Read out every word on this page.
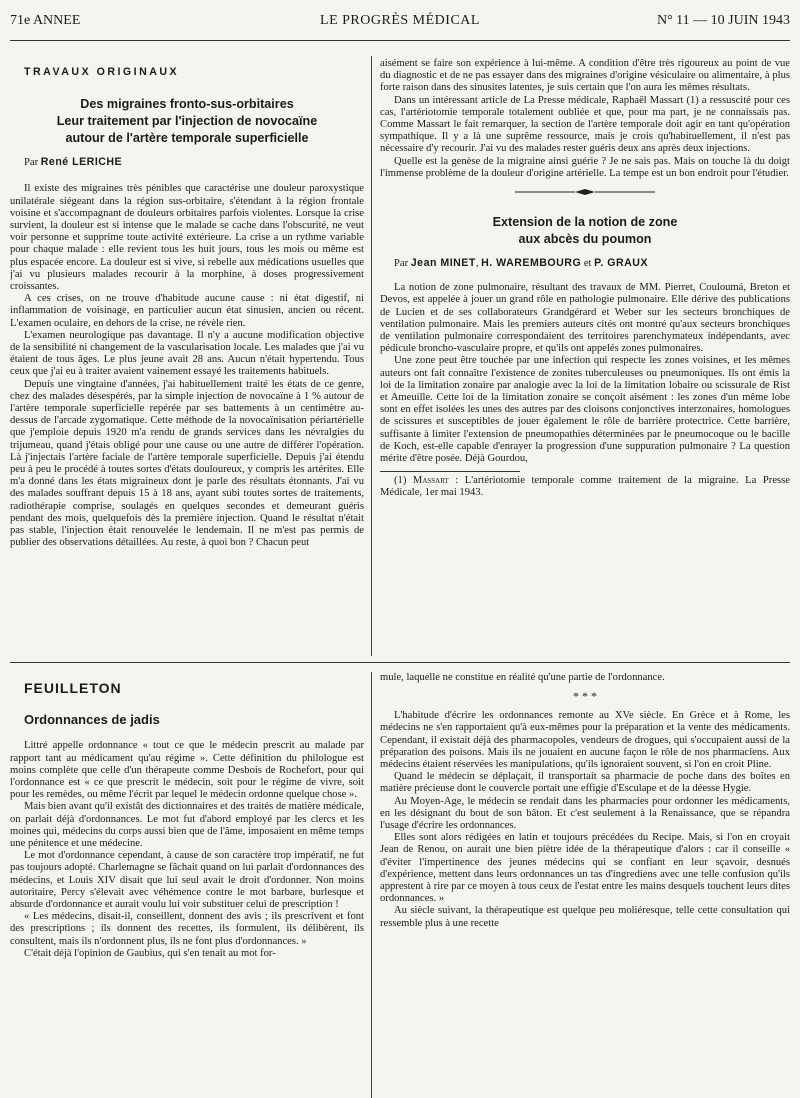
71e ANNEE	LE PROGRÈS MÉDICAL	N° 11 — 10 JUIN 1943

TRAVAUX ORIGINAUX

Des migraines fronto-sus-orbitaires
Leur traitement par l'injection de novocaïne
autour de l'artère temporale superficielle

Par René LERICHE

Il existe des migraines très pénibles que caractérise une douleur paroxystique unilatérale siégeant dans la région sus-orbitaire, s'étendant à la région frontale voisine et s'accompagnant de douleurs orbitaires parfois violentes. Lorsque la crise survient, la douleur est si intense que le malade se cache dans l'obscurité, ne veut voir personne et supprime toute activité extérieure. La crise a un rythme variable pour chaque malade : elle revient tous les huit jours, tous les mois ou même est plus espacée encore. La douleur est si vive, si rebelle aux médications usuelles que j'ai vu plusieurs malades recourir à la morphine, à doses progressivement croissantes.

A ces crises, on ne trouve d'habitude aucune cause : ni état digestif, ni inflammation de voisinage, en particulier aucun état sinusien, ancien ou récent. L'examen oculaire, en dehors de la crise, ne révèle rien.

L'examen neurologique pas davantage. Il n'y a aucune modification objective de la sensibilité ni changement de la vascularisation locale. Les malades que j'ai vu étaient de tous âges. Le plus jeune avait 28 ans. Aucun n'était hypertendu. Tous ceux que j'ai eu à traiter avaient vainement essayé les traitements habituels.

Depuis une vingtaine d'années, j'ai habituellement traité les états de ce genre, chez des malades désespérés, par la simple injection de novocaïne à 1 % autour de l'artère temporale superficielle repérée par ses battements à un centimètre au-dessus de l'arcade zygomatique. Cette méthode de la novocaïnisation périartérielle que j'emploie depuis 1920 m'a rendu de grands services dans les névralgies du trijumeau, quand j'étais obligé pour une cause ou une autre de différer l'opération. Là j'injectais l'artère faciale de l'artère temporale superficielle. Depuis j'ai étendu peu à peu le procédé à toutes sortes d'états douloureux, y compris les artérites. Elle m'a donné dans les états migraineux dont je parle des résultats étonnants. J'ai vu des malades souffrant depuis 15 à 18 ans, ayant subi toutes sortes de traitements, radiothérapie comprise, soulagés en quelques secondes et demeurant guéris pendant des mois, quelquefois dès la première injection. Quand le résultat n'était pas stable, l'injection était renouvelée le lendemain. Il ne m'est pas permis de publier des observations détaillées. Au reste, à quoi bon ? Chacun peut

aisément se faire son expérience à lui-même. A condition d'être très rigoureux au point de vue du diagnostic et de ne pas essayer dans des migraines d'origine vésiculaire ou alimentaire, à plus forte raison dans des sinusites latentes, je suis certain que l'on aura les mêmes résultats.

Dans un intéressant article de La Presse médicale, Raphaël Massart (1) a ressuscité pour ces cas, l'artériotomie temporale totalement oubliée et que, pour ma part, je ne connaissais pas. Comme Massart le fait remarquer, la section de l'artère temporale doit agir en tant qu'opération sympathique. Il y a là une suprême ressource, mais je crois qu'habituellement, il n'est pas nécessaire d'y recourir. J'ai vu des malades rester guéris deux ans après deux injections.

Quelle est la genèse de la migraine ainsi guérie ? Je ne sais pas. Mais on touche là du doigt l'immense problème de la douleur d'origine artérielle. La tempe est un bon endroit pour l'étudier.

Extension de la notion de zone
aux abcès du poumon

Par Jean MINET, H. WAREMBOURG et P. GRAUX

La notion de zone pulmonaire, résultant des travaux de MM. Pierret, Couloumá, Breton et Devos, est appelée à jouer un grand rôle en pathologie pulmonaire. Elle dérive des publications de Lucien et de ses collaborateurs Grandgérard et Weber sur les secteurs bronchiques de ventilation pulmonaire. Mais les premiers auteurs cités ont montré qu'aux secteurs bronchiques de ventilation pulmonaire correspondaient des territoires parenchymateux indépendants, avec pédicule broncho-vasculaire propre, et qu'ils ont appelés zones pulmonaires.

Une zone peut être touchée par une infection qui respecte les zones voisines, et les mêmes auteurs ont fait connaître l'existence de zonites tuberculeuses ou pneumoniques. Ils ont émis la loi de la limitation zonaire par analogie avec la loi de la limitation lobaire ou scissurale de Rist et Ameuille. Cette loi de la limitation zonaire se conçoit aisément : les zones d'un même lobe sont en effet isolées les unes des autres par des cloisons conjonctives interzonaires, homologues de scissures et susceptibles de jouer également le rôle de barrière protectrice. Cette barrière, suffisante à limiter l'extension de pneumopathies déterminées par le pneumocoque ou le bacille de Koch, est-elle capable d'enrayer la progression d'une suppuration pulmonaire ? La question mérite d'être posée. Déjà Gourdou,

(1) Massart : L'artériotomie temporale comme traitement de la migraine. La Presse Médicale, 1er mai 1943.

FEUILLETON

Ordonnances de jadis

Littré appelle ordonnance « tout ce que le médecin prescrit au malade par rapport tant au médicament qu'au régime ». Cette définition du philologue est moins complète que celle d'un thérapeute comme Desbois de Rochefort, pour qui l'ordonnance est « ce que prescrit le médecin, soit pour le régime de vivre, soit pour les remèdes, ou même l'écrit par lequel le médecin ordonne quelque chose ».

Mais bien avant qu'il existât des dictionnaires et des traités de matière médicale, on parlait déjà d'ordonnances. Le mot fut d'abord employé par les clercs et les moines qui, médecins du corps aussi bien que de l'âme, imposaient en même temps une pénitence et une médecine.

Le mot d'ordonnance cependant, à cause de son caractère trop impératif, ne fut pas toujours adopté. Charlemagne se fâchait quand on lui parlait d'ordonnances des médecins, et Louis XIV disait que lui seul avait le droit d'ordonner. Non moins autoritaire, Percy s'élevait avec véhémence contre le mot barbare, burlesque et absurde d'ordonnance et aurait voulu lui voir substituer celui de prescription !

« Les médecins, disait-il, conseillent, donnent des avis ; ils prescrivent et font des prescriptions ; ils donnent des recettes, ils formulent, ils délibèrent, ils consultent, mais ils n'ordonnent plus, ils ne font plus d'ordonnances. »

C'était déjà l'opinion de Gaubius, qui s'en tenait au mot for-

mule, laquelle ne constitue en réalité qu'une partie de l'ordonnance.

* * *

L'habitude d'écrire les ordonnances remonte au XVe siècle. En Grèce et à Rome, les médecins ne s'en rapportaient qu'à eux-mêmes pour la préparation et la vente des médicaments. Cependant, il existait déjà des pharmacopoles, vendeurs de drogues, qui s'occupaient aussi de la préparation des poisons. Mais ils ne jouaient en aucune façon le rôle de nos pharmaciens. Aux médecins étaient réservées les manipulations, qu'ils ignoraient souvent, si l'on en croit Pline.

Quand le médecin se déplaçait, il transportait sa pharmacie de poche dans des boîtes en matière précieuse dont le couvercle portait une effigie d'Esculape et de la déesse Hygie.

Au Moyen-Age, le médecin se rendait dans les pharmacies pour ordonner les médicaments, en les désignant du bout de son bâton. Et c'est seulement à la Renaissance, que se répandra l'usage d'écrire les ordonnances.

Elles sont alors rédigées en latin et toujours précédées du Recipe. Mais, si l'on en croyait Jean de Renou, on aurait une bien piètre idée de la thérapeutique d'alors : car il conseille « d'éviter l'impertinence des jeunes médecins qui se confiant en leur sçavoir, desnués d'expérience, mettent dans leurs ordonnances un tas d'ingrediens avec une telle confusion qu'ils apprestent à rire par ce moyen à tous ceux de l'estat entre les mains desquels touchent leurs dites ordonnances. »

Au siècle suivant, la thérapeutique est quelque peu moliéresque, telle cette consultation qui ressemble plus à une recette
